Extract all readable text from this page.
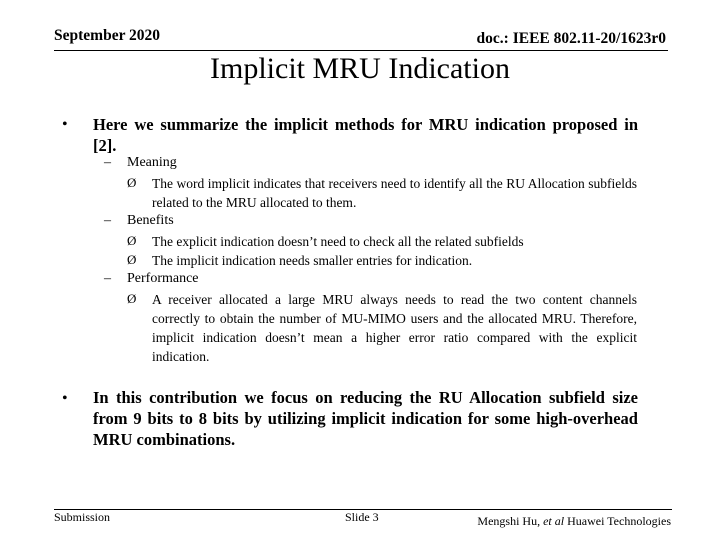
September 2020	doc.: IEEE 802.11-20/1623r0
Implicit MRU Indication
• Here we summarize the implicit methods for MRU indication proposed in [2].
– Meaning
Ø The word implicit indicates that receivers need to identify all the RU Allocation subfields related to the MRU allocated to them.
– Benefits
Ø The explicit indication doesn’t need to check all the related subfields
Ø The implicit indication needs smaller entries for indication.
– Performance
Ø A receiver allocated a large MRU always needs to read the two content channels correctly to obtain the number of MU-MIMO users and the allocated MRU. Therefore, implicit indication doesn’t mean a higher error ratio compared with the explicit indication.
• In this contribution we focus on reducing the RU Allocation subfield size from 9 bits to 8 bits by utilizing implicit indication for some high-overhead MRU combinations.
Submission	Slide 3	Mengshi Hu, et al Huawei Technologies
